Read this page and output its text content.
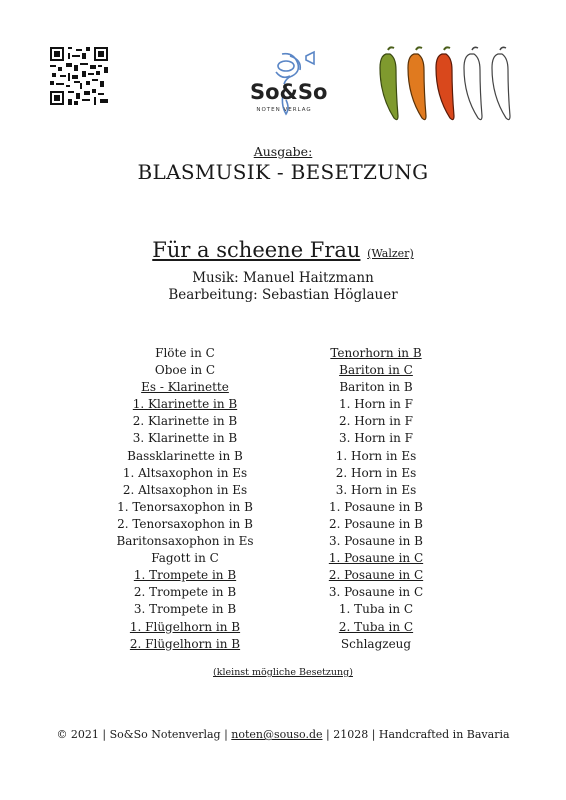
So&So
NOTEN VERLAG
Ausgabe:
BLASMUSIK - BESETZUNG
Für a scheene Frau (Walzer)
Musik: Manuel Haitzmann
Bearbeitung: Sebastian Höglauer
Flöte in C
Oboe in C
Es - Klarinette
1. Klarinette in B
2. Klarinette in B
3. Klarinette in B
Bassklarinette in B
1. Altsaxophon in Es
2. Altsaxophon in Es
1. Tenorsaxophon in B
2. Tenorsaxophon in B
Baritonsaxophon in Es
Fagott in C
1. Trompete in B
2. Trompete in B
3. Trompete in B
1. Flügelhorn in B
2. Flügelhorn in B
Tenorhorn in B
Bariton in C
Bariton in B
1. Horn in F
2. Horn in F
3. Horn in F
1. Horn in Es
2. Horn in Es
3. Horn in Es
1. Posaune in B
2. Posaune in B
3. Posaune in B
1. Posaune in C
2. Posaune in C
3. Posaune in C
1. Tuba in C
2. Tuba in C
Schlagzeug
(kleinst mögliche Besetzung)
© 2021 | So&So Notenverlag | noten@souso.de | 21028 | Handcrafted in Bavaria
